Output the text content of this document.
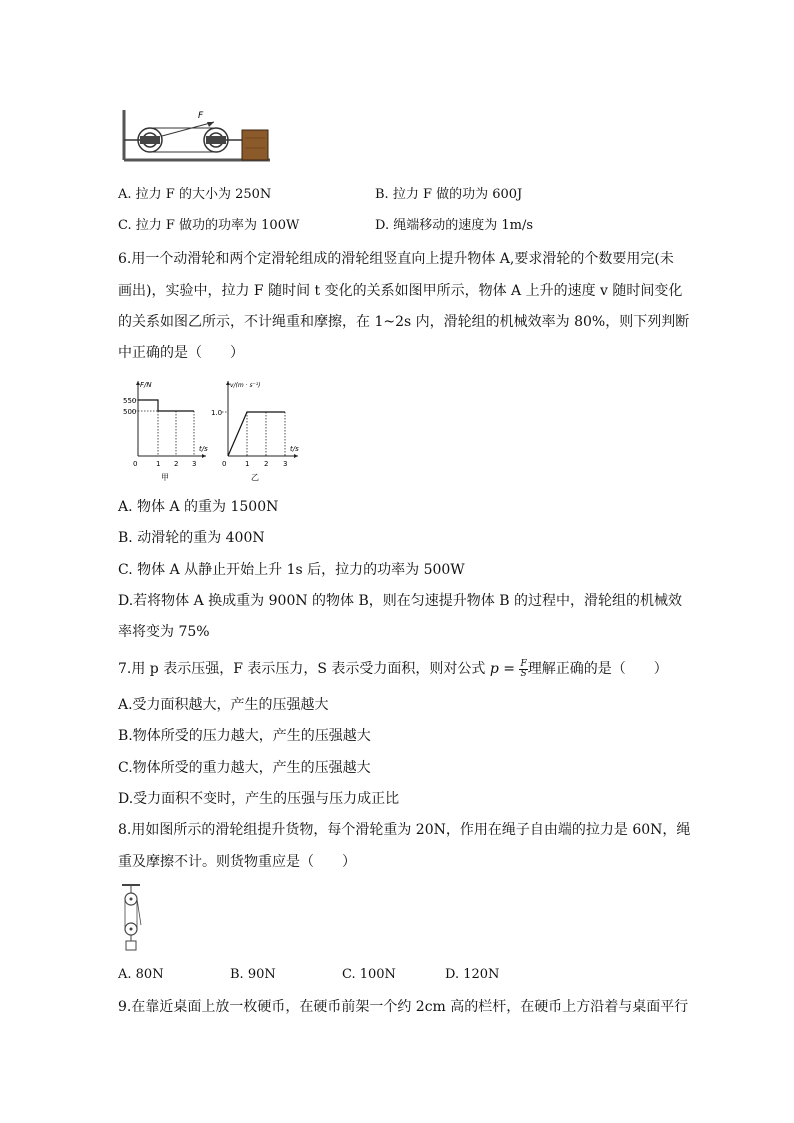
F
A. 拉力 F 的大小为 250N	B. 拉力 F 做的功为 600J
C. 拉力 F 做功的功率为 100W	D. 绳端移动的速度为 1m/s
6.用一个动滑轮和两个定滑轮组成的滑轮组竖直向上提升物体 A,要求滑轮的个数要用完(未
画出)，实验中，拉力 F 随时间 t 变化的关系如图甲所示，物体 A 上升的速度 v 随时间变化
的关系如图乙所示，不计绳重和摩擦，在 1~2s 内，滑轮组的机械效率为 80%，则下列判断
中正确的是（　　）
F/N
t/s
0
550
500
1 2 3
甲
v/(m · s⁻¹)
t/s
0
1.0
1 2 3
乙
A. 物体 A 的重为 1500N
B. 动滑轮的重为 400N
C. 物体 A 从静止开始上升 1s 后，拉力的功率为 500W
D.若将物体 A 换成重为 900N 的物体 B，则在匀速提升物体 B 的过程中，滑轮组的机械效
率将变为 75%
7.用 p 表示压强，F 表示压力，S 表示受力面积，则对公式 $p = \frac{F}{S}$ 理解正确的是（　　）
A.受力面积越大，产生的压强越大
B.物体所受的压力越大，产生的压强越大
C.物体所受的重力越大，产生的压强越大
D.受力面积不变时，产生的压强与压力成正比
8.用如图所示的滑轮组提升货物，每个滑轮重为 20N，作用在绳子自由端的拉力是 60N，绳
重及摩擦不计。则货物重应是（　　）
A. 80N	B. 90N	C. 100N	D. 120N
9.在靠近桌面上放一枚硬币，在硬币前架一个约 2cm 高的栏杆，在硬币上方沿着与桌面平行
